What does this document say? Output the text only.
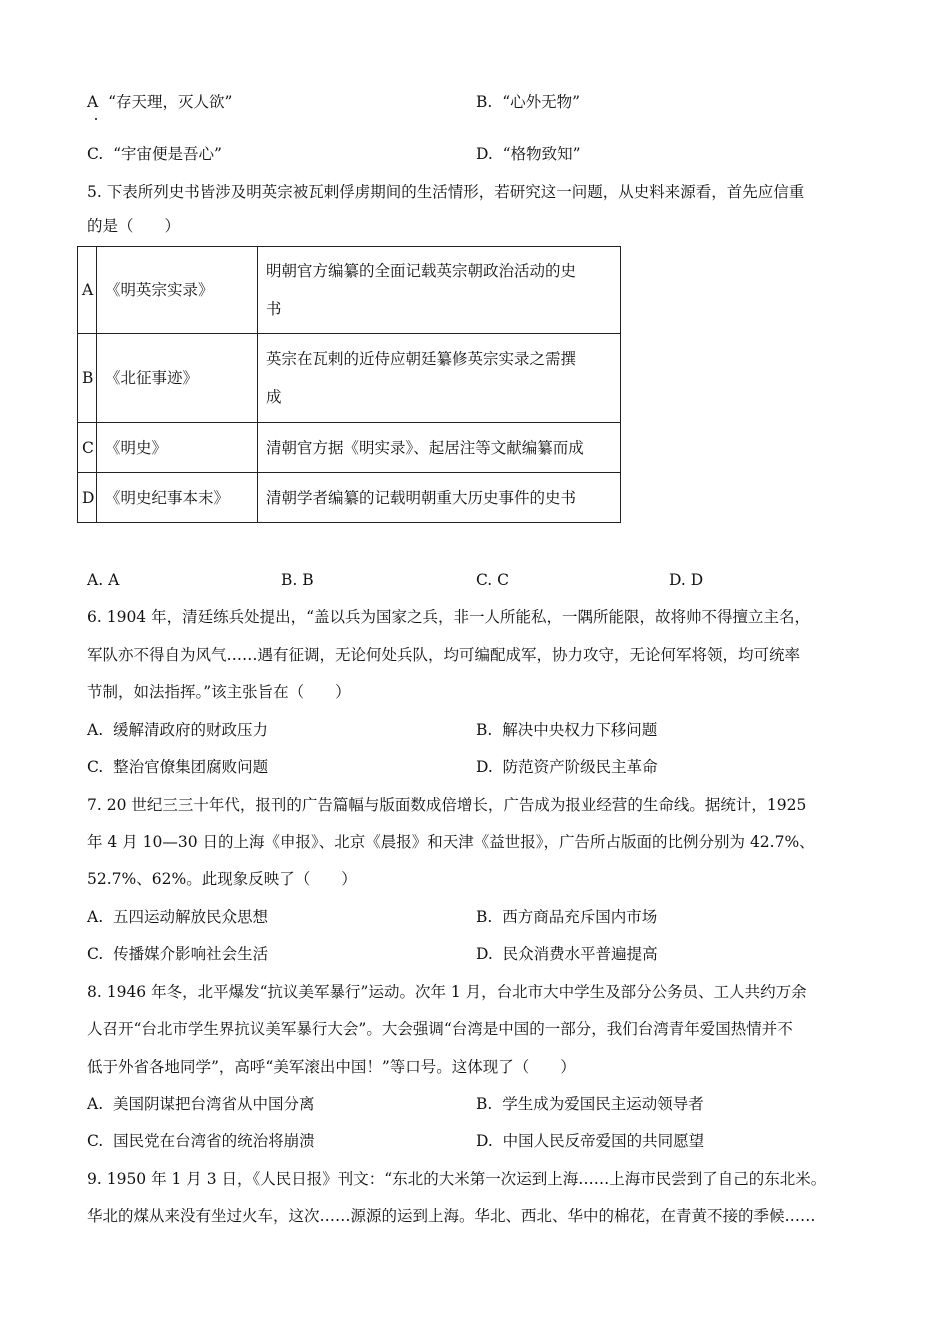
A “存天理，灭人欲”	B. “心外无物”
C. “宇宙便是吾心”	D. “格物致知”
5. 下表所列史书皆涉及明英宗被瓦剌俘虏期间的生活情形，若研究这一问题，从史料来源看，首先应信重
的是（　　）
A	《明英宗实录》	明朝官方编纂的全面记载英宗朝政治活动的史
书
B	《北征事迹》	英宗在瓦剌的近侍应朝廷纂修英宗实录之需撰
成
C	《明史》	清朝官方据《明实录》、起居注等文献编纂而成
D	《明史纪事本末》	清朝学者编纂的记载明朝重大历史事件的史书
A. A	B. B	C. C	D. D
6. 1904 年，清廷练兵处提出，“盖以兵为国家之兵，非一人所能私，一隅所能限，故将帅不得擅立主名，
军队亦不得自为风气……遇有征调，无论何处兵队，均可编配成军，协力攻守，无论何军将领，均可统率
节制，如法指挥。”该主张旨在（　　）
A. 缓解清政府的财政压力	B. 解决中央权力下移问题
C. 整治官僚集团腐败问题	D. 防范资产阶级民主革命
7. 20 世纪三三十年代，报刊的广告篇幅与版面数成倍增长，广告成为报业经营的生命线。据统计，1925
年 4 月 10—30 日的上海《申报》、北京《晨报》和天津《益世报》，广告所占版面的比例分别为 42.7%、
52.7%、62%。此现象反映了（　　）
A. 五四运动解放民众思想	B. 西方商品充斥国内市场
C. 传播媒介影响社会生活	D. 民众消费水平普遍提高
8. 1946 年冬，北平爆发“抗议美军暴行”运动。次年 1 月，台北市大中学生及部分公务员、工人共约万余
人召开“台北市学生界抗议美军暴行大会”。大会强调“台湾是中国的一部分，我们台湾青年爱国热情并不
低于外省各地同学”，高呼“美军滚出中国！”等口号。这体现了（　　）
A. 美国阴谋把台湾省从中国分离	B. 学生成为爱国民主运动领导者
C. 国民党在台湾省的统治将崩溃	D. 中国人民反帝爱国的共同愿望
9. 1950 年 1 月 3 日，《人民日报》刊文：“东北的大米第一次运到上海……上海市民尝到了自己的东北米。
华北的煤从来没有坐过火车，这次……源源的运到上海。华北、西北、华中的棉花，在青黄不接的季候……
